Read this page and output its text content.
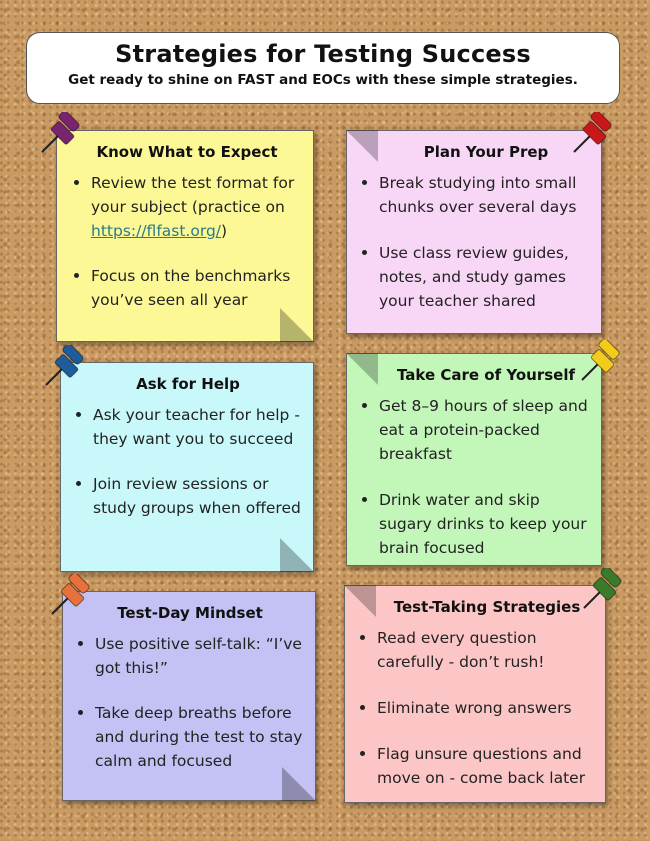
Strategies for Testing Success
Get ready to shine on FAST and EOCs with these simple strategies.
Know What to Expect
• Review the test format for your subject (practice on https://flfast.org/)
• Focus on the benchmarks you’ve seen all year
Plan Your Prep
• Break studying into small chunks over several days
• Use class review guides, notes, and study games your teacher shared
Ask for Help
• Ask your teacher for help - they want you to succeed
• Join review sessions or study groups when offered
Take Care of Yourself
• Get 8–9 hours of sleep and eat a protein-packed breakfast
• Drink water and skip sugary drinks to keep your brain focused
Test-Day Mindset
• Use positive self-talk: “I’ve got this!”
• Take deep breaths before and during the test to stay calm and focused
Test-Taking Strategies
• Read every question carefully - don’t rush!
• Eliminate wrong answers
• Flag unsure questions and move on - come back later
